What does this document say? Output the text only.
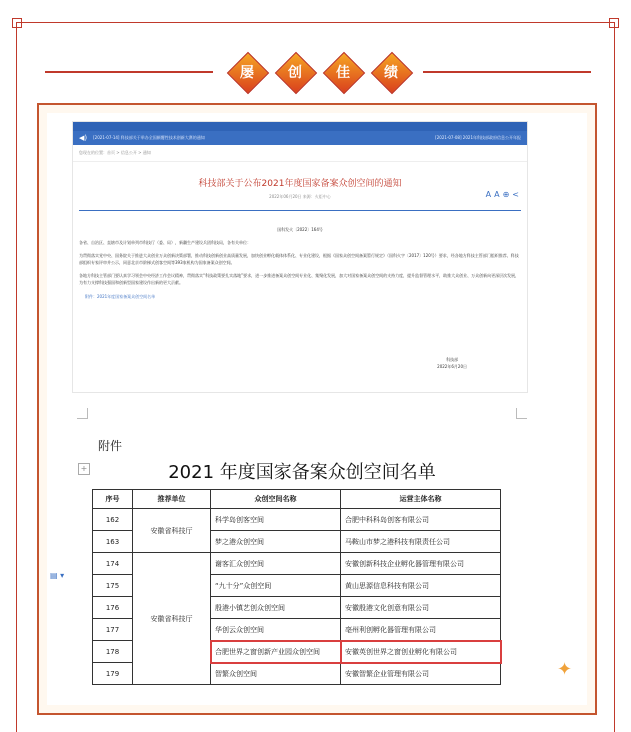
屡	创	佳	绩
◀) [2021-07-14] 科技部关于举办全国颠覆性技术创新大赛的通知	[2021-07-08] 2021年科技部政府信息公开年报
您现在的位置：首页 > 信息公开 > 通知
科技部关于公布2021年度国家备案众创空间的通知
2022年06月20日 来源：火炬中心	A A ⊕ <
国科发火〔2022〕164号
各省、自治区、直辖市及计划单列市科技厅（委、局），新疆生产建设兵团科技局，各有关单位：
为贯彻落实党中央、国务院关于推进大众创业万众创新决策部署，推动科技创新创业高质量发展，加快创业孵化载体体系化、专业化建设，根据《国家众创空间备案暂行规定》（国科火字〔2017〕120号）要求，经各地方科技主管部门组织推荐、科技部组织专家评审并公示，同意北京市阶梯式创客空间等393家机构为国家备案众创空间。
各地方科技主管部门要认真学习领会中央经济工作会议精神，贯彻落实“科技政策要扎实落地”要求，进一步推进备案众创空间专业化、集聚化发展，加大对国家备案众创空间的支持力度，提升监督管理水平，助推大众创业、万众创新向更深层次发展，为有力支撑科技强国和创新型国家建设作出新的更大贡献。
附件：2021年度国家备案众创空间名单
科技部
2022年6月20日
附件
+
▤ ▾
2021 年度国家备案众创空间名单
序号	推荐单位	众创空间名称	运营主体名称
162	安徽省科技厅	科学岛创客空间	合肥中科科岛创客有限公司
163		梦之港众创空间	马鞍山市梦之港科技有限责任公司
174	安徽省科技厅	谢客汇众创空间	安徽创新科技企业孵化器管理有限公司
175		“九十分”众创空间	黄山思源信息科技有限公司
176		殷港小镇艺创众创空间	安徽殷港文化创意有限公司
177		华创云众创空间	亳州利创孵化器管理有限公司
178		合肥世界之窗创新产业园众创空间	安徽英创世界之窗创业孵化有限公司
179		智繁众创空间	安徽智繁企业管理有限公司	✦
